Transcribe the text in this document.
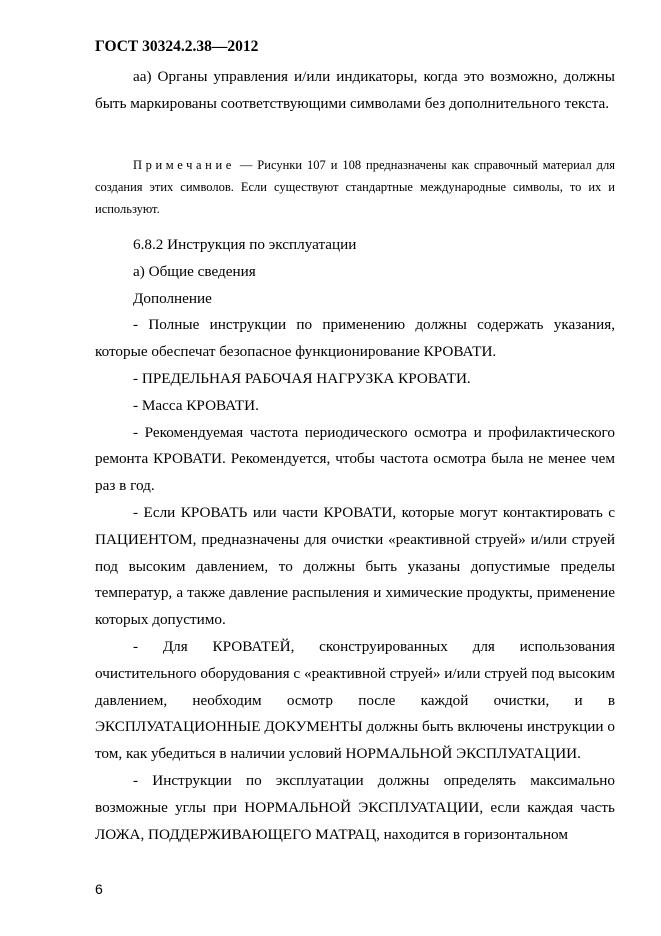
ГОСТ 30324.2.38—2012

аа) Органы управления и/или индикаторы, когда это возможно, должны быть маркированы соответствующими символами без дополнительного текста.

Примечание –– Рисунки 107 и 108 предназначены как справочный материал для создания этих символов. Если существуют стандартные международные символы, то их и используют.

6.8.2 Инструкция по эксплуатации

а) Общие сведения

Дополнение

- Полные инструкции по применению должны содержать указания, которые обеспечат безопасное функционирование КРОВАТИ.

- ПРЕДЕЛЬНАЯ РАБОЧАЯ НАГРУЗКА КРОВАТИ.

- Масса КРОВАТИ.

- Рекомендуемая частота периодического осмотра и профилактического ремонта КРОВАТИ. Рекомендуется, чтобы частота осмотра была не менее чем раз в год.

- Если КРОВАТЬ или части КРОВАТИ, которые могут контактировать с ПАЦИЕНТОМ, предназначены для очистки «реактивной струей» и/или струей под высоким давлением, то должны быть указаны допустимые пределы температур, а также давление распыления и химические продукты, применение которых допустимо.

- Для КРОВАТЕЙ, сконструированных для использования очистительного оборудования с «реактивной струей» и/или струей под высоким давлением, необходим осмотр после каждой очистки, и в ЭКСПЛУАТАЦИОННЫЕ ДОКУМЕНТЫ должны быть включены инструкции о том, как убедиться в наличии условий НОРМАЛЬНОЙ ЭКСПЛУАТАЦИИ.

- Инструкции по эксплуатации должны определять максимально возможные углы при НОРМАЛЬНОЙ ЭКСПЛУАТАЦИИ, если каждая часть ЛОЖА, ПОДДЕРЖИВАЮЩЕГО МАТРАЦ, находится в горизонтальном

6
